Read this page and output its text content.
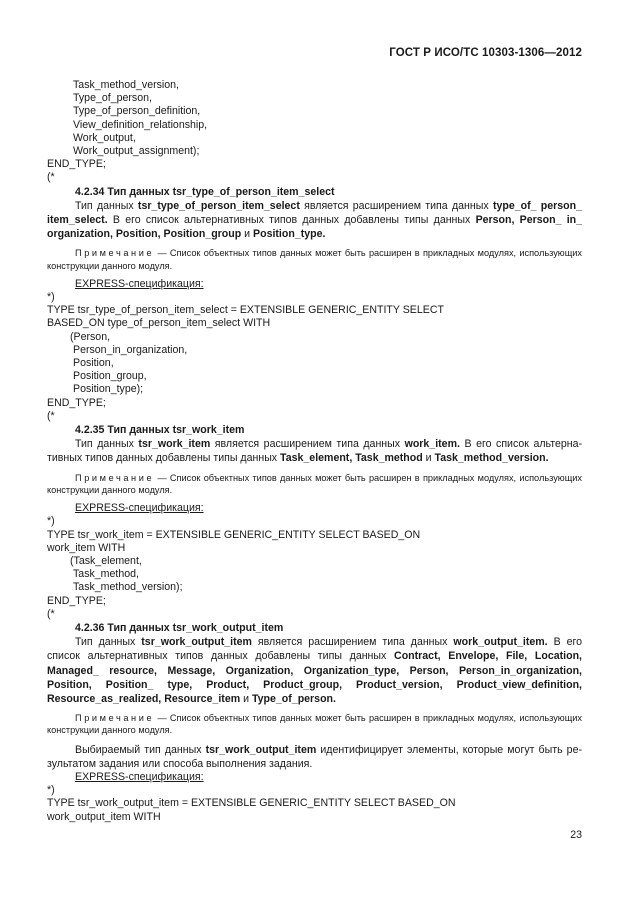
ГОСТ Р ИСО/ТС 10303-1306—2012
Task_method_version,
Type_of_person,
Type_of_person_definition,
View_definition_relationship,
Work_output,
Work_output_assignment);
END_TYPE;
(*
4.2.34 Тип данных tsr_type_of_person_item_select
Тип данных tsr_type_of_person_item_select является расширением типа данных type_of_ person_ item_select. В его список альтернативных типов данных добавлены типы данных Person, Person_ in_ organization, Position, Position_group и Position_type.
Примечание — Список объектных типов данных может быть расширен в прикладных модулях, использующих конструкции данного модуля.
EXPRESS-спецификация:
*)
TYPE tsr_type_of_person_item_select = EXTENSIBLE GENERIC_ENTITY SELECT
BASED_ON type_of_person_item_select WITH
(Person,
Person_in_organization,
Position,
Position_group,
Position_type);
END_TYPE;
(*
4.2.35 Тип данных tsr_work_item
Тип данных tsr_work_item является расширением типа данных work_item. В его список альтерна-тивных типов данных добавлены типы данных Task_element, Task_method и Task_method_version.
Примечание — Список объектных типов данных может быть расширен в прикладных модулях, использующих конструкции данного модуля.
EXPRESS-спецификация:
*)
TYPE tsr_work_item = EXTENSIBLE GENERIC_ENTITY SELECT BASED_ON
work_item WITH
(Task_element,
Task_method,
Task_method_version);
END_TYPE;
(*
4.2.36 Тип данных tsr_work_output_item
Тип данных tsr_work_output_item является расширением типа данных work_output_item. В его список альтернативных типов данных добавлены типы данных Contract, Envelope, File, Location, Managed_ resource, Message, Organization, Organization_type, Person, Person_in_organization, Position, Position_ type, Product, Product_group, Product_version, Product_view_definition, Resource_as_realized, Resource_item и Type_of_person.
Примечание — Список объектных типов данных может быть расширен в прикладных модулях, использующих конструкции данного модуля.
Выбираемый тип данных tsr_work_output_item идентифицирует элементы, которые могут быть ре-зультатом задания или способа выполнения задания.
EXPRESS-спецификация:
*)
TYPE tsr_work_output_item = EXTENSIBLE GENERIC_ENTITY SELECT BASED_ON
work_output_item WITH
23
